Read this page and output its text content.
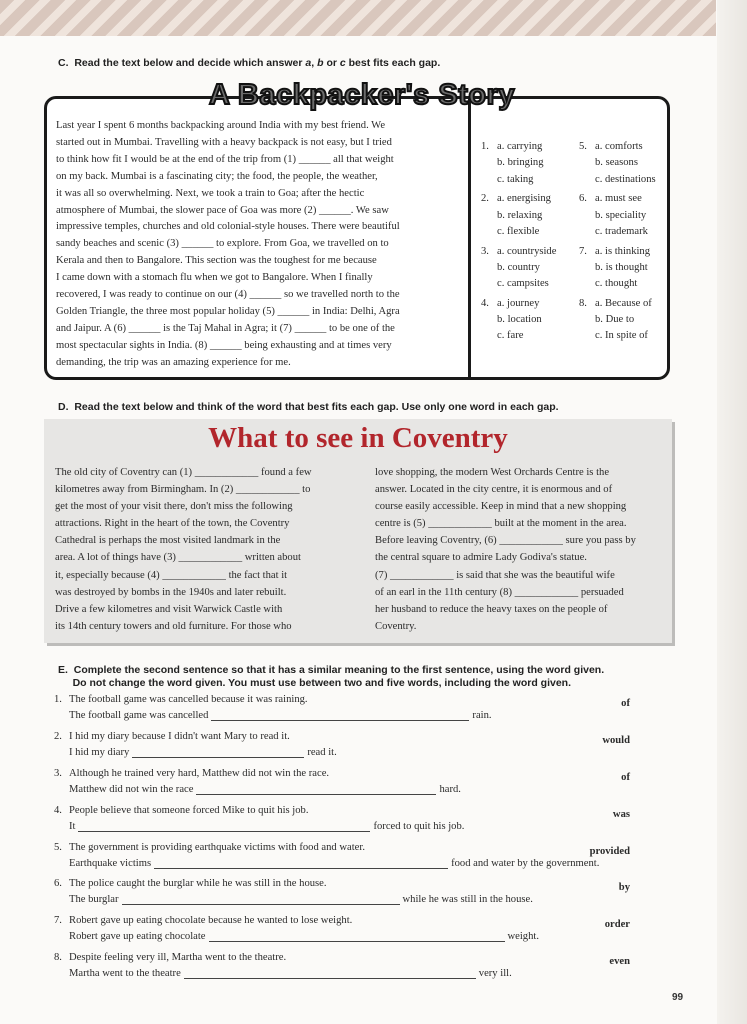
C. Read the text below and decide which answer a, b or c best fits each gap.

A Backpacker's Story
Last year I spent 6 months backpacking around India with my best friend. We
started out in Mumbai. Travelling with a heavy backpack is not easy, but I tried
to think how fit I would be at the end of the trip from (1) ______ all that weight
on my back. Mumbai is a fascinating city; the food, the people, the weather,
it was all so overwhelming. Next, we took a train to Goa; after the hectic
atmosphere of Mumbai, the slower pace of Goa was more (2) ______. We saw
impressive temples, churches and old colonial-style houses. There were beautiful
sandy beaches and scenic (3) ______ to explore. From Goa, we travelled on to
Kerala and then to Bangalore. This section was the toughest for me because
I came down with a stomach flu when we got to Bangalore. When I finally
recovered, I was ready to continue on our (4) ______ so we travelled north to the
Golden Triangle, the three most popular holiday (5) ______ in India: Delhi, Agra
and Jaipur. A (6) ______ is the Taj Mahal in Agra; it (7) ______ to be one of the
most spectacular sights in India. (8) ______ being exhausting and at times very
demanding, the trip was an amazing experience for me.
1. a. carrying
b. bringing
c. taking
2. a. energising
b. relaxing
c. flexible
3. a. countryside
b. country
c. campsites
4. a. journey
b. location
c. fare
5. a. comforts
b. seasons
c. destinations
6. a. must see
b. speciality
c. trademark
7. a. is thinking
b. is thought
c. thought
8. a. Because of
b. Due to
c. In spite of

D. Read the text below and think of the word that best fits each gap. Use only one word in each gap.

What to see in Coventry
The old city of Coventry can (1) ____________ found a few
kilometres away from Birmingham. In (2) ____________ to
get the most of your visit there, don't miss the following
attractions. Right in the heart of the town, the Coventry
Cathedral is perhaps the most visited landmark in the
area. A lot of things have (3) ____________ written about
it, especially because (4) ____________ the fact that it
was destroyed by bombs in the 1940s and later rebuilt.
Drive a few kilometres and visit Warwick Castle with
its 14th century towers and old furniture. For those who
love shopping, the modern West Orchards Centre is the
answer. Located in the city centre, it is enormous and of
course easily accessible. Keep in mind that a new shopping
centre is (5) ____________ built at the moment in the area.
Before leaving Coventry, (6) ____________ sure you pass by
the central square to admire Lady Godiva's statue.
(7) ____________ is said that she was the beautiful wife
of an earl in the 11th century (8) ____________ persuaded
her husband to reduce the heavy taxes on the people of
Coventry.

E. Complete the second sentence so that it has a similar meaning to the first sentence, using the word given.
Do not change the word given. You must use between two and five words, including the word given.

1. The football game was cancelled because it was raining.	of
The football game was cancelled	rain.
2. I hid my diary because I didn't want Mary to read it.	would
I hid my diary	read it.
3. Although he trained very hard, Matthew did not win the race.	of
Matthew did not win the race	hard.
4. People believe that someone forced Mike to quit his job.	was
It	forced to quit his job.
5. The government is providing earthquake victims with food and water.	provided
Earthquake victims	food and water by the government.
6. The police caught the burglar while he was still in the house.	by
The burglar	while he was still in the house.
7. Robert gave up eating chocolate because he wanted to lose weight.	order
Robert gave up eating chocolate	weight.
8. Despite feeling very ill, Martha went to the theatre.	even
Martha went to the theatre	very ill.
99
